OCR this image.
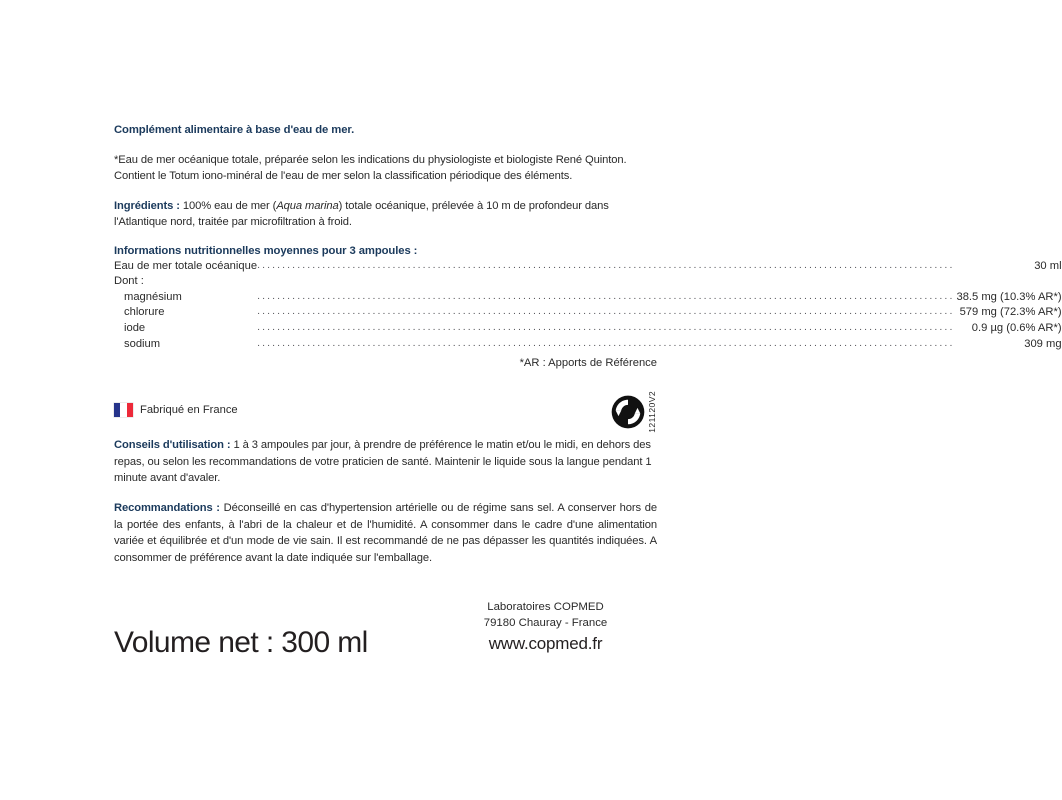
Complément alimentaire à base d'eau de mer.

*Eau de mer océanique totale, préparée selon les indications du physiologiste et biologiste René Quinton. Contient le Totum iono-minéral de l'eau de mer selon la classification périodique des éléments.

Ingrédients : 100% eau de mer (Aqua marina) totale océanique, prélevée à 10 m de profondeur dans l'Atlantique nord, traitée par microfiltration à froid.

Informations nutritionnelles moyennes pour 3 ampoules :
Eau de mer totale océanique	...........................................................................................................................................	30 ml
Dont :		
magnésium	...........................................................................................................................................	38.5 mg (10.3% AR*)
chlorure	...........................................................................................................................................	579 mg (72.3% AR*)
iode	...........................................................................................................................................	0.9 µg (0.6% AR*)
sodium	...........................................................................................................................................	309 mg

*AR : Apports de Référence

Fabriqué en France	121120V2

Conseils d'utilisation : 1 à 3 ampoules par jour, à prendre de préférence le matin et/ou le midi, en dehors des repas, ou selon les recommandations de votre praticien de santé. Maintenir le liquide sous la langue pendant 1 minute avant d'avaler.

Recommandations : Déconseillé en cas d'hypertension artérielle ou de régime sans sel. A conserver hors de la portée des enfants, à l'abri de la chaleur et de l'humidité. A consommer dans le cadre d'une alimentation variée et équilibrée et d'un mode de vie sain. Il est recommandé de ne pas dépasser les quantités indiquées. A consommer de préférence avant la date indiquée sur l'emballage.

Laboratoires COPMED
79180 Chauray - France
www.copmed.fr
Volume net : 300 ml
